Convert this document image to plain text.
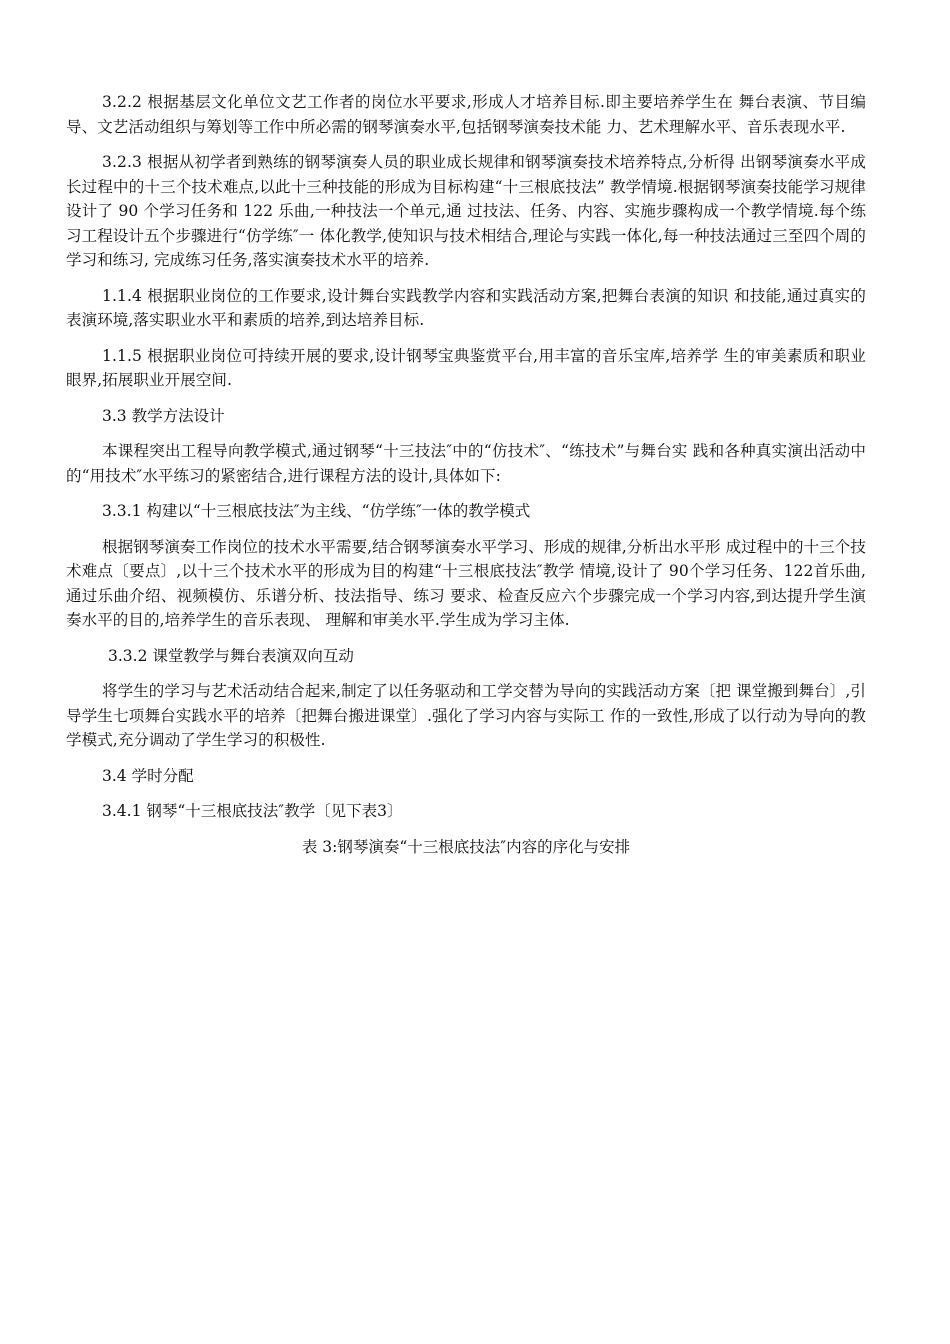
3.2.2 根据基层文化单位文艺工作者的岗位水平要求,形成人才培养目标.即主要培养学生在 舞台表演、节目编导、文艺活动组织与筹划等工作中所必需的钢琴演奏水平,包括钢琴演奏技术能 力、艺术理解水平、音乐表现水平.

3.2.3 根据从初学者到熟练的钢琴演奏人员的职业成长规律和钢琴演奏技术培养特点,分析得 出钢琴演奏水平成长过程中的十三个技术难点,以此十三种技能的形成为目标构建“十三根底技法” 教学情境.根据钢琴演奏技能学习规律设计了 90 个学习任务和 122 乐曲,一种技法一个单元,通 过技法、任务、内容、实施步骤构成一个教学情境.每个练习工程设计五个步骤进行“仿学练″一 体化教学,使知识与技术相结合,理论与实践一体化,每一种技法通过三至四个周的学习和练习, 完成练习任务,落实演奏技术水平的培养.

1.1.4 根据职业岗位的工作要求,设计舞台实践教学内容和实践活动方案,把舞台表演的知识 和技能,通过真实的表演环境,落实职业水平和素质的培养,到达培养目标.

1.1.5 根据职业岗位可持续开展的要求,设计钢琴宝典鉴赏平台,用丰富的音乐宝库,培养学 生的审美素质和职业眼界,拓展职业开展空间.

3.3 教学方法设计

本课程突出工程导向教学模式,通过钢琴“十三技法″中的“仿技术″、“练技术”与舞台实 践和各种真实演出活动中的“用技术″水平练习的紧密结合,进行课程方法的设计,具体如下:

3.3.1 构建以“十三根底技法″为主线、“仿学练″一体的教学模式

根据钢琴演奏工作岗位的技术水平需要,结合钢琴演奏水平学习、形成的规律,分析出水平形 成过程中的十三个技术难点〔要点〕,以十三个技术水平的形成为目的构建“十三根底技法″教学 情境,设计了 90个学习任务、122首乐曲,通过乐曲介绍、视频模仿、乐谱分析、技法指导、练习 要求、检查反应六个步骤完成一个学习内容,到达提升学生演奏水平的目的,培养学生的音乐表现、 理解和审美水平.学生成为学习主体.

3.3.2 课堂教学与舞台表演双向互动

将学生的学习与艺术活动结合起来,制定了以任务驱动和工学交替为导向的实践活动方案〔把 课堂搬到舞台〕,引导学生七项舞台实践水平的培养〔把舞台搬进课堂〕.强化了学习内容与实际工 作的一致性,形成了以行动为导向的教学模式,充分调动了学生学习的积极性.

3.4 学时分配

3.4.1 钢琴“十三根底技法″教学〔见下表3〕

表 3:钢琴演奏“十三根底技法″内容的序化与安排
